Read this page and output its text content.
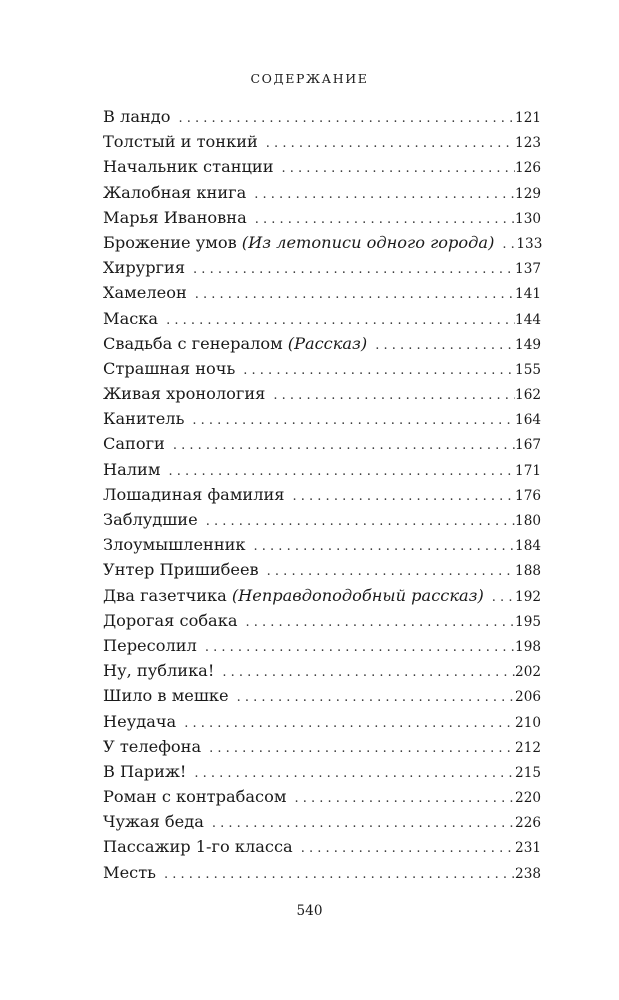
СОДЕРЖАНИЕ
В ландо . . .	121
Толстый и тонкий . . .	123
Начальник станции . . .	126
Жалобная книга . . .	129
Марья Ивановна . . .	130
Брожение умов (Из летописи одного города) . . . 133
Хирургия . . .	137
Хамелеон . . .	141
Маска . . .	144
Свадьба с генералом (Рассказ) . . .	149
Страшная ночь . . .	155
Живая хронология . . .	162
Канитель . . .	164
Сапоги . . .	167
Налим . . .	171
Лошадиная фамилия . . .	176
Заблудшие . . .	180
Злоумышленник . . .	184
Унтер Пришибеев . . .	188
Два газетчика (Неправдоподобный рассказ) . . . 192
Дорогая собака . . .	195
Пересолил . . .	198
Ну, публика! . . .	202
Шило в мешке . . .	206
Неудача . . .	210
У телефона . . .	212
В Париж! . . .	215
Роман с контрабасом . . .	220
Чужая беда . . .	226
Пассажир 1-го класса . . .	231
Месть . . .	238
540
